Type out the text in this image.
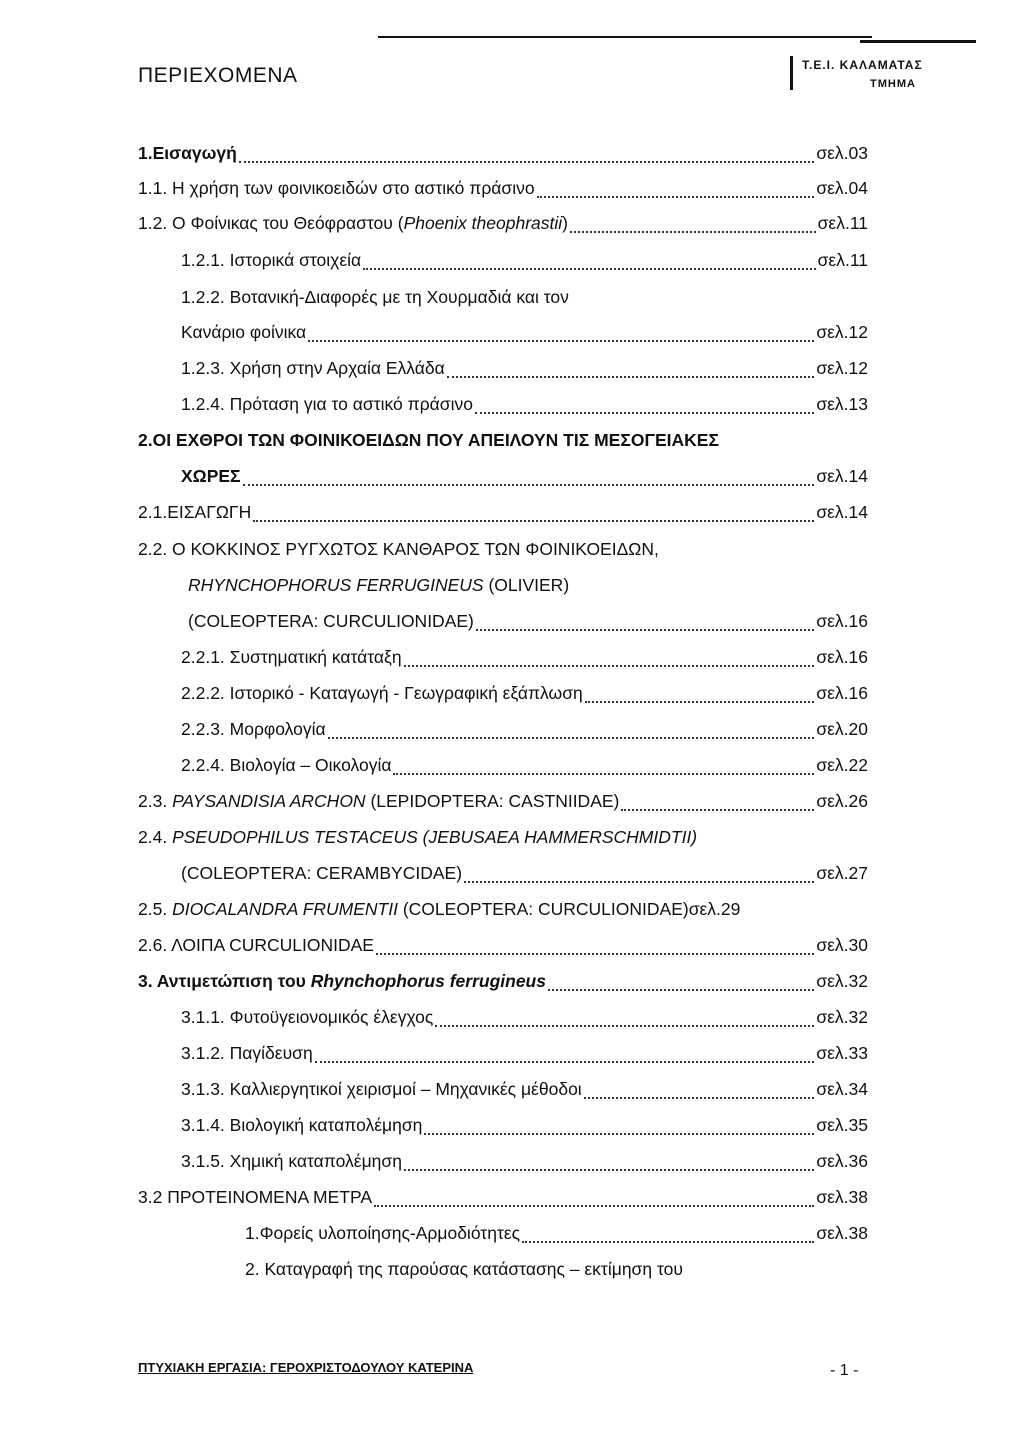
ΠΕΡΙΕΧΟΜΕΝΑ	Τ.Ε.Ι. ΚΑΛΑΜΑΤΑΣ
ΤΜΗΜΑ
1.Εισαγωγή	σελ.03
1.1. Η χρήση των φοινικοειδών στο αστικό πράσινο	σελ.04
1.2. Ο Φοίνικας του Θεόφραστου (Phoenix theophrastii)	σελ.11
1.2.1. Ιστορικά στοιχεία	σελ.11
1.2.2. Βοτανική-Διαφορές με τη Χουρμαδιά και τον
Κανάριο φοίνικα	σελ.12
1.2.3. Χρήση στην Αρχαία Ελλάδα	σελ.12
1.2.4. Πρόταση για το αστικό πράσινο	σελ.13
2.ΟΙ ΕΧΘΡΟΙ ΤΩΝ ΦΟΙΝΙΚΟΕΙΔΩΝ ΠΟΥ ΑΠΕΙΛΟΥΝ ΤΙΣ ΜΕΣΟΓΕΙΑΚΕΣ
ΧΩΡΕΣ	σελ.14
2.1.ΕΙΣΑΓΩΓΗ	σελ.14
2.2. Ο ΚΟΚΚΙΝΟΣ ΡΥΓΧΩΤΟΣ ΚΑΝΘΑΡΟΣ ΤΩΝ ΦΟΙΝΙΚΟΕΙΔΩΝ,
RHYNCHOPHORUS FERRUGINEUS (OLIVIER)
(COLEOPTERA: CURCULIONIDAE)	σελ.16
2.2.1. Συστηματική κατάταξη	σελ.16
2.2.2. Ιστορικό - Καταγωγή - Γεωγραφική εξάπλωση	σελ.16
2.2.3. Μορφολογία	σελ.20
2.2.4. Βιολογία – Οικολογία	σελ.22
2.3. PAYSANDISIA ARCHON (LEPIDOPTERA: CASTNIIDAE)	σελ.26
2.4. PSEUDOPHILUS TESTACEUS (JEBUSAEA HAMMERSCHMIDTII)
(COLEOPTERA: CERAMBYCIDAE)	σελ.27
2.5. DIOCALANDRA FRUMENTII (COLEOPTERA: CURCULIONIDAE) σελ.29
2.6. ΛΟΙΠΑ CURCULIONIDAE	σελ.30
3. Αντιμετώπιση του Rhynchophorus ferrugineus	σελ.32
3.1.1. Φυτοϋγειονομικός έλεγχος	σελ.32
3.1.2. Παγίδευση	σελ.33
3.1.3. Καλλιεργητικοί χειρισμοί – Μηχανικές μέθοδοι	σελ.34
3.1.4. Βιολογική καταπολέμηση	σελ.35
3.1.5. Χημική καταπολέμηση	σελ.36
3.2 ΠΡΟΤΕΙΝΟΜΕΝΑ ΜΕΤΡΑ	σελ.38
1.Φορείς υλοποίησης-Αρμοδιότητες	σελ.38
2. Καταγραφή της παρούσας κατάστασης – εκτίμηση του
ΠΤΥΧΙΑΚΗ ΕΡΓΑΣΙΑ: ΓΕΡΟΧΡΙΣΤΟΔΟΥΛΟΥ ΚΑΤΕΡΙΝΑ	- 1 -
